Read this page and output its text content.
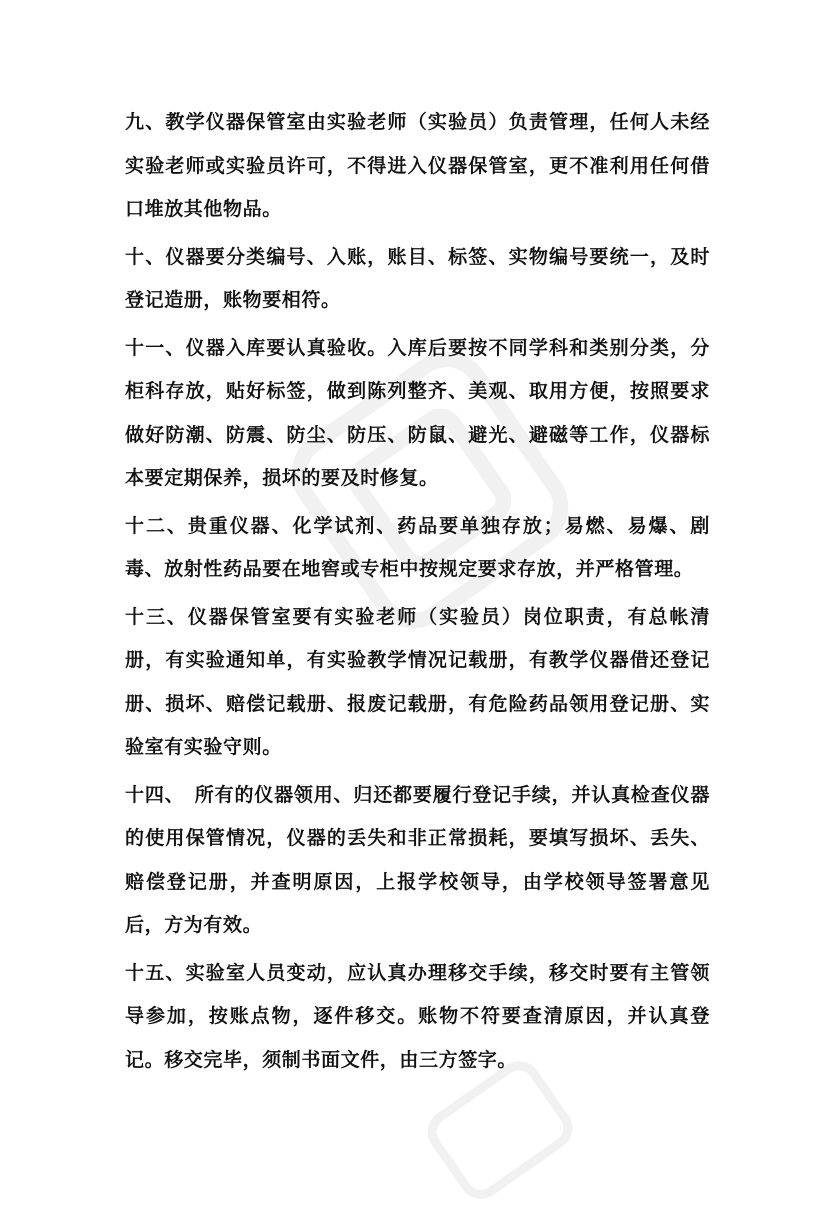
九、教学仪器保管室由实验老师（实验员）负责管理，任何人未经实验老师或实验员许可，不得进入仪器保管室，更不准利用任何借口堆放其他物品。

十、仪器要分类编号、入账，账目、标签、实物编号要统一，及时登记造册，账物要相符。

十一、仪器入库要认真验收。入库后要按不同学科和类别分类，分柜科存放，贴好标签，做到陈列整齐、美观、取用方便，按照要求做好防潮、防震、防尘、防压、防鼠、避光、避磁等工作，仪器标本要定期保养，损坏的要及时修复。

十二、贵重仪器、化学试剂、药品要单独存放；易燃、易爆、剧毒、放射性药品要在地窖或专柜中按规定要求存放，并严格管理。

十三、仪器保管室要有实验老师（实验员）岗位职责，有总帐清册，有实验通知单，有实验教学情况记载册，有教学仪器借还登记册、损坏、赔偿记载册、报废记载册，有危险药品领用登记册、实验室有实验守则。

十四、　所有的仪器领用、归还都要履行登记手续，并认真检查仪器的使用保管情况，仪器的丢失和非正常损耗，要填写损坏、丢失、赔偿登记册，并查明原因，上报学校领导，由学校领导签署意见后，方为有效。

十五、实验室人员变动，应认真办理移交手续，移交时要有主管领导参加，按账点物，逐件移交。账物不符要查清原因，并认真登记。移交完毕，须制书面文件，由三方签字。
